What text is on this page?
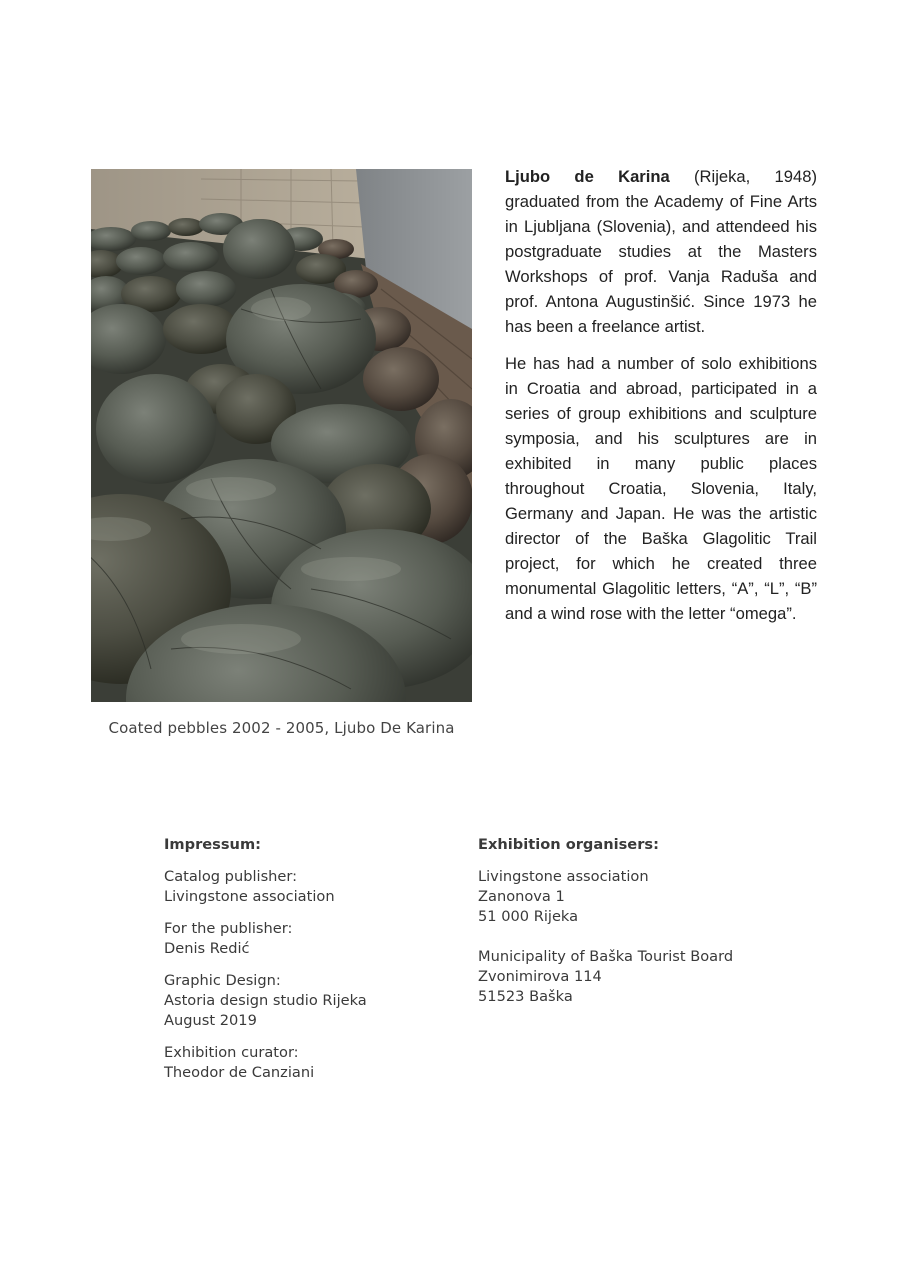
Coated pebbles 2002 - 2005, Ljubo De Karina

Ljubo de Karina (Rijeka, 1948) graduated from the Academy of Fine Arts in Ljubljana (Slovenia), and attendeed his postgraduate studies at the Masters Workshops of prof. Vanja Raduša and prof. Antona Augustinšić. Since 1973 he has been a freelance artist.

He has had a number of solo exhibitions in Croatia and abroad, participated in a series of group exhibitions and sculpture symposia, and his sculptures are in exhibited in many public places throughout Croatia, Slovenia, Italy, Germany and Japan. He was the artistic director of the Baška Glagolitic Trail project, for which he created three monumental Glagolitic letters, “A”, “L”, “B” and a wind rose with the letter “omega”.

Impressum:
Catalog publisher:
Livingstone association
For the publisher:
Denis Redić
Graphic Design:
Astoria design studio Rijeka
August 2019
Exhibition curator:
Theodor de Canziani
Exhibition organisers:
Livingstone association
Zanonova 1
51 000 Rijeka
Municipality of Baška Tourist Board
Zvonimirova 114
51523 Baška
